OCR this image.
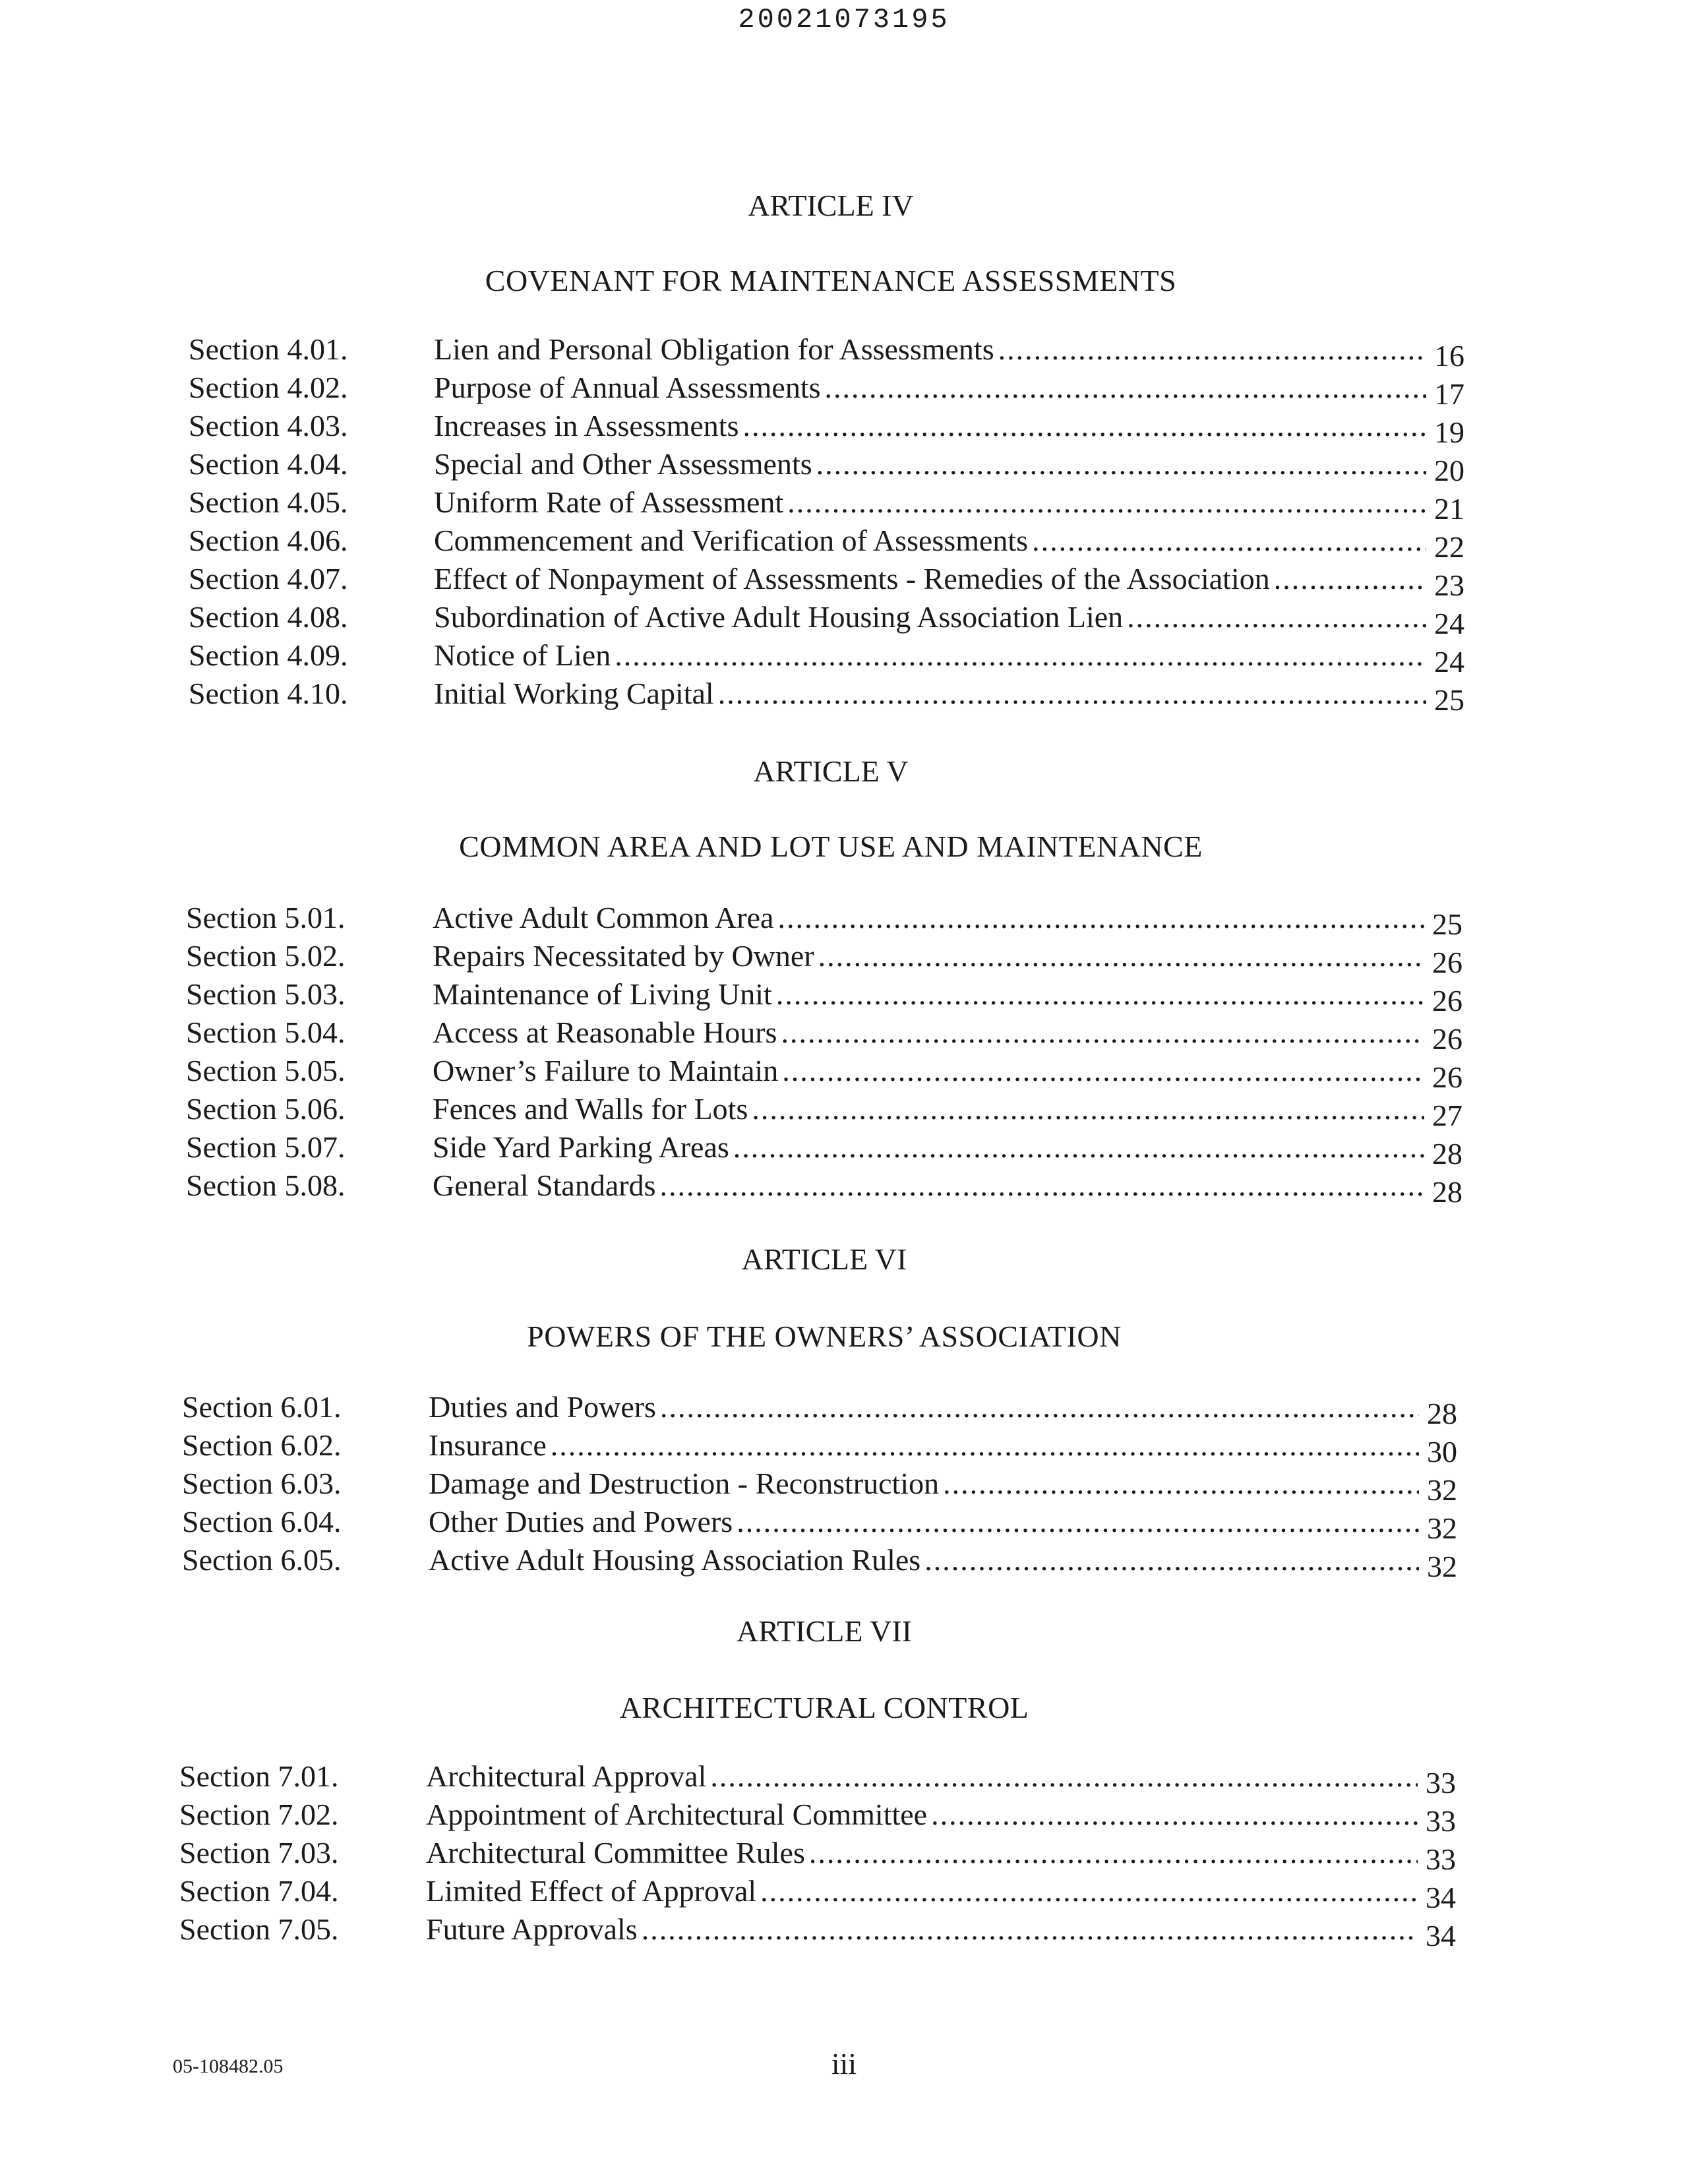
20021073195
ARTICLE IV
COVENANT FOR MAINTENANCE ASSESSMENTS
Section 4.01.	Lien and Personal Obligation for Assessments .....	16
Section 4.02.	Purpose of Annual Assessments .....	17
Section 4.03.	Increases in Assessments .....	19
Section 4.04.	Special and Other Assessments .....	20
Section 4.05.	Uniform Rate of Assessment .....	21
Section 4.06.	Commencement and Verification of Assessments .....	22
Section 4.07.	Effect of Nonpayment of Assessments - Remedies of the Association .....	23
Section 4.08.	Subordination of Active Adult Housing Association Lien .....	24
Section 4.09.	Notice of Lien .....	24
Section 4.10.	Initial Working Capital .....	25
ARTICLE V
COMMON AREA AND LOT USE AND MAINTENANCE
Section 5.01.	Active Adult Common Area .....	25
Section 5.02.	Repairs Necessitated by Owner .....	26
Section 5.03.	Maintenance of Living Unit .....	26
Section 5.04.	Access at Reasonable Hours .....	26
Section 5.05.	Owner’s Failure to Maintain .....	26
Section 5.06.	Fences and Walls for Lots .....	27
Section 5.07.	Side Yard Parking Areas .....	28
Section 5.08.	General Standards .....	28
ARTICLE VI
POWERS OF THE OWNERS’ ASSOCIATION
Section 6.01.	Duties and Powers .....	28
Section 6.02.	Insurance .....	30
Section 6.03.	Damage and Destruction - Reconstruction .....	32
Section 6.04.	Other Duties and Powers .....	32
Section 6.05.	Active Adult Housing Association Rules .....	32
ARTICLE VII
ARCHITECTURAL CONTROL
Section 7.01.	Architectural Approval .....	33
Section 7.02.	Appointment of Architectural Committee .....	33
Section 7.03.	Architectural Committee Rules .....	33
Section 7.04.	Limited Effect of Approval .....	34
Section 7.05.	Future Approvals .....	34
05-108482.05	iii
